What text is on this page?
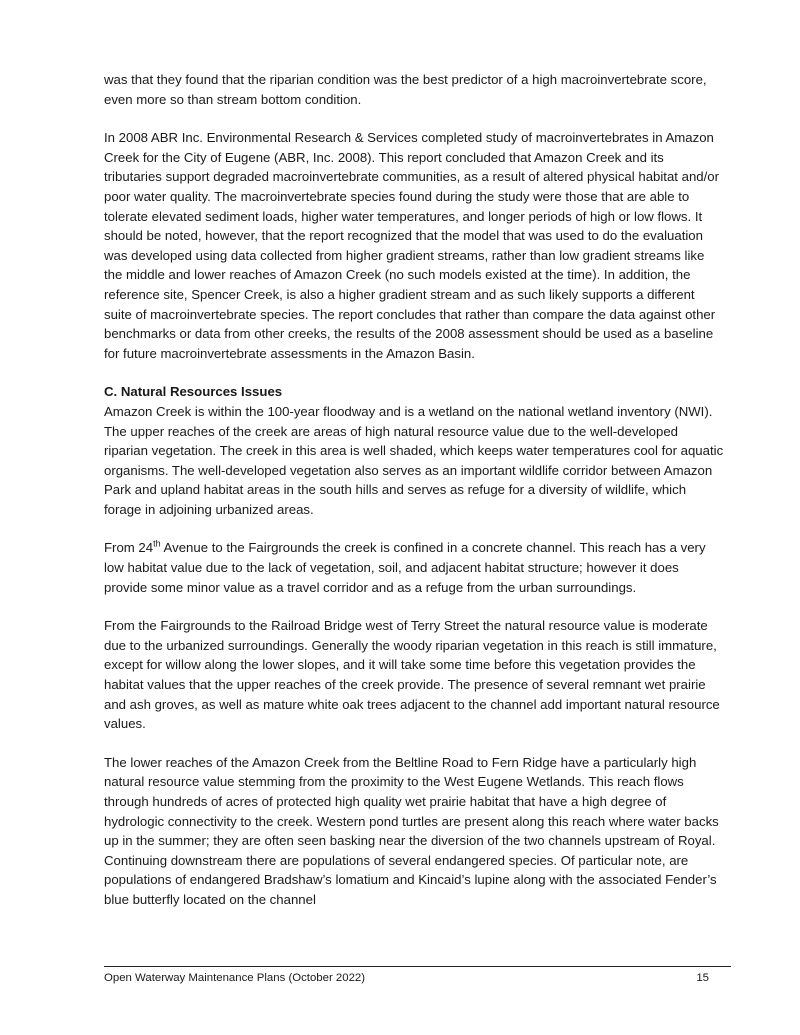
was that they found that the riparian condition was the best predictor of a high macroinvertebrate score, even more so than stream bottom condition.

In 2008 ABR Inc. Environmental Research & Services completed study of macroinvertebrates in Amazon Creek for the City of Eugene (ABR, Inc. 2008). This report concluded that Amazon Creek and its tributaries support degraded macroinvertebrate communities, as a result of altered physical habitat and/or poor water quality. The macroinvertebrate species found during the study were those that are able to tolerate elevated sediment loads, higher water temperatures, and longer periods of high or low flows. It should be noted, however, that the report recognized that the model that was used to do the evaluation was developed using data collected from higher gradient streams, rather than low gradient streams like the middle and lower reaches of Amazon Creek (no such models existed at the time). In addition, the reference site, Spencer Creek, is also a higher gradient stream and as such likely supports a different suite of macroinvertebrate species. The report concludes that rather than compare the data against other benchmarks or data from other creeks, the results of the 2008 assessment should be used as a baseline for future macroinvertebrate assessments in the Amazon Basin.

C. Natural Resources Issues

Amazon Creek is within the 100-year floodway and is a wetland on the national wetland inventory (NWI). The upper reaches of the creek are areas of high natural resource value due to the well-developed riparian vegetation. The creek in this area is well shaded, which keeps water temperatures cool for aquatic organisms. The well-developed vegetation also serves as an important wildlife corridor between Amazon Park and upland habitat areas in the south hills and serves as refuge for a diversity of wildlife, which forage in adjoining urbanized areas.

From 24th Avenue to the Fairgrounds the creek is confined in a concrete channel. This reach has a very low habitat value due to the lack of vegetation, soil, and adjacent habitat structure; however it does provide some minor value as a travel corridor and as a refuge from the urban surroundings.

From the Fairgrounds to the Railroad Bridge west of Terry Street the natural resource value is moderate due to the urbanized surroundings. Generally the woody riparian vegetation in this reach is still immature, except for willow along the lower slopes, and it will take some time before this vegetation provides the habitat values that the upper reaches of the creek provide. The presence of several remnant wet prairie and ash groves, as well as mature white oak trees adjacent to the channel add important natural resource values.

The lower reaches of the Amazon Creek from the Beltline Road to Fern Ridge have a particularly high natural resource value stemming from the proximity to the West Eugene Wetlands. This reach flows through hundreds of acres of protected high quality wet prairie habitat that have a high degree of hydrologic connectivity to the creek. Western pond turtles are present along this reach where water backs up in the summer; they are often seen basking near the diversion of the two channels upstream of Royal. Continuing downstream there are populations of several endangered species. Of particular note, are populations of endangered Bradshaw’s lomatium and Kincaid’s lupine along with the associated Fender’s blue butterfly located on the channel

Open Waterway Maintenance Plans (October 2022)	15
